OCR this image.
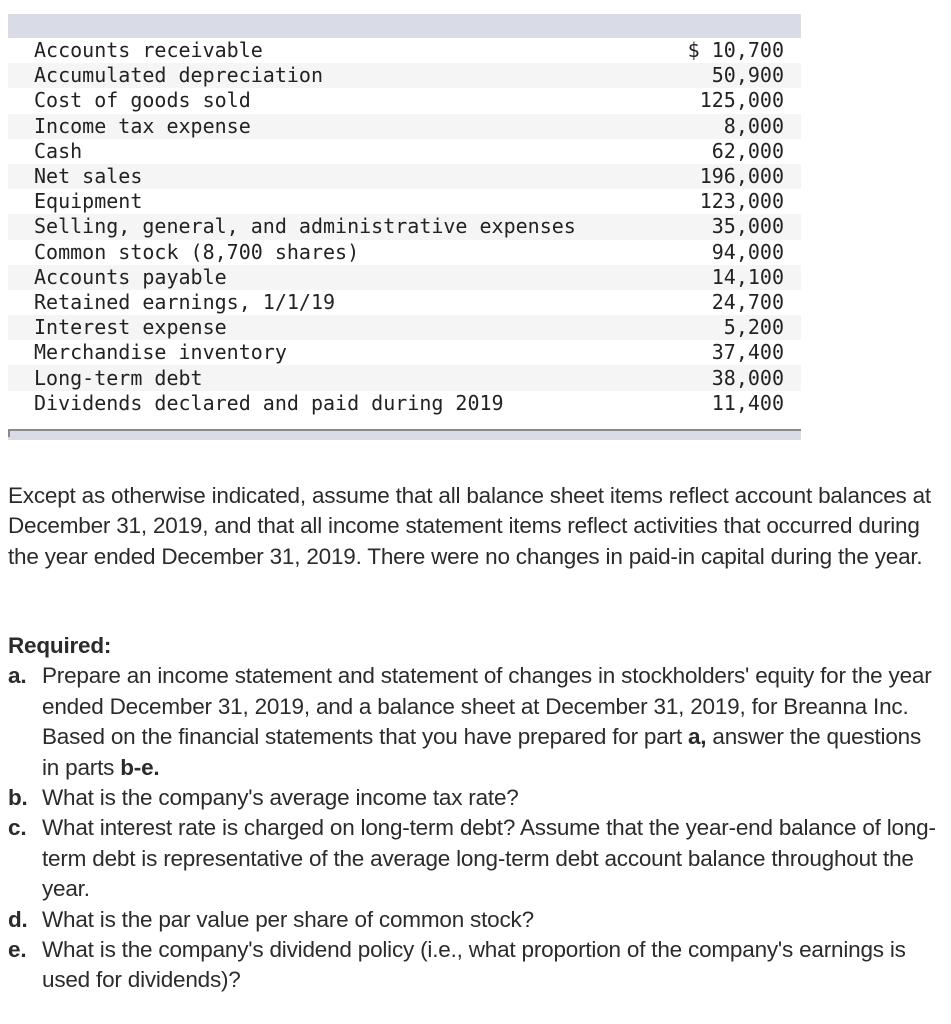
Accounts receivable	$ 10,700
Accumulated depreciation	50,900
Cost of goods sold	125,000
Income tax expense	8,000
Cash	62,000
Net sales	196,000
Equipment	123,000
Selling, general, and administrative expenses	35,000
Common stock (8,700 shares)	94,000
Accounts payable	14,100
Retained earnings, 1/1/19	24,700
Interest expense	5,200
Merchandise inventory	37,400
Long-term debt	38,000
Dividends declared and paid during 2019	11,400

Except as otherwise indicated, assume that all balance sheet items reflect account balances at December 31, 2019, and that all income statement items reflect activities that occurred during the year ended December 31, 2019. There were no changes in paid-in capital during the year.

Required:

a. Prepare an income statement and statement of changes in stockholders' equity for the year ended December 31, 2019, and a balance sheet at December 31, 2019, for Breanna Inc. Based on the financial statements that you have prepared for part a, answer the questions in parts b-e.
b. What is the company's average income tax rate?
c. What interest rate is charged on long-term debt? Assume that the year-end balance of long-term debt is representative of the average long-term debt account balance throughout the year.
d. What is the par value per share of common stock?
e. What is the company's dividend policy (i.e., what proportion of the company's earnings is used for dividends)?
